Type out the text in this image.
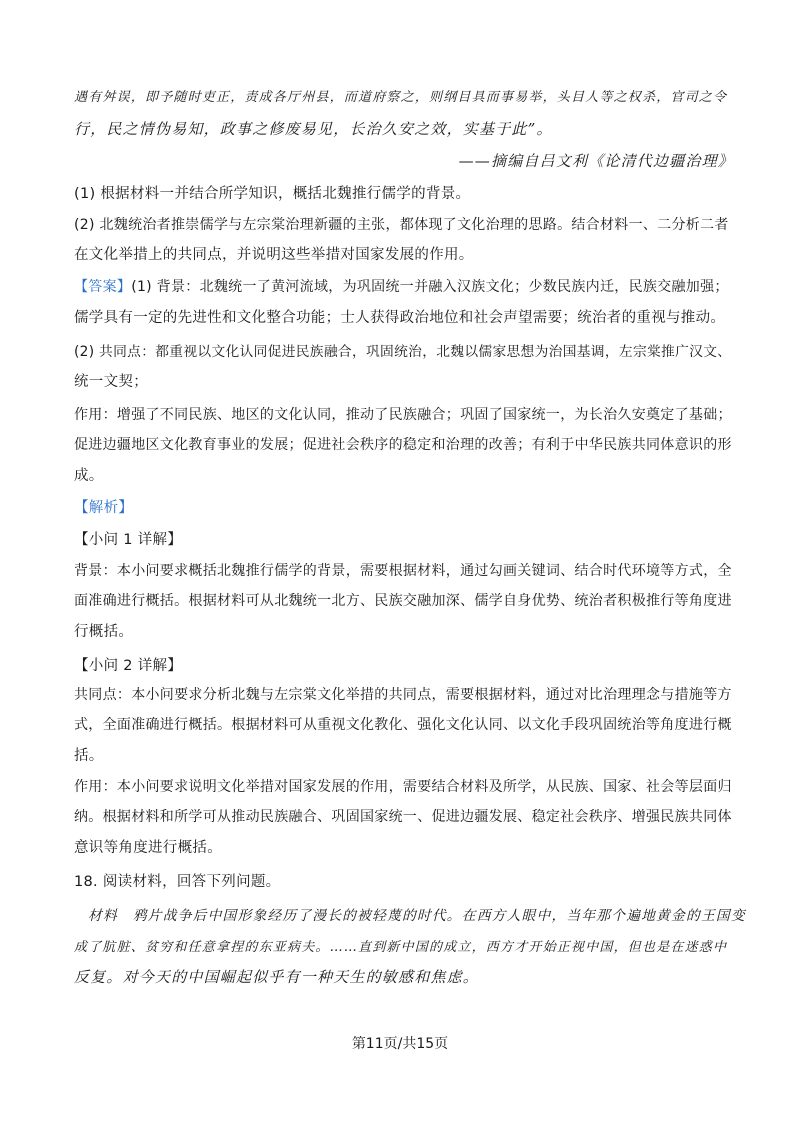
遇有舛误，即予随时吏正，责成各厅州县，而道府察之，则纲目具而事易举，头目人等之权杀，官司之令
行，民之情伪易知，政事之修废易见，长治久安之效，实基于此”。
——摘编自吕文利《论清代边疆治理》
(1) 根据材料一并结合所学知识，概括北魏推行儒学的背景。
(2) 北魏统治者推崇儒学与左宗棠治理新疆的主张，都体现了文化治理的思路。结合材料一、二分析二者
在文化举措上的共同点，并说明这些举措对国家发展的作用。
【答案】(1) 背景：北魏统一了黄河流域，为巩固统一并融入汉族文化；少数民族内迁，民族交融加强；
儒学具有一定的先进性和文化整合功能；士人获得政治地位和社会声望需要；统治者的重视与推动。
(2) 共同点：都重视以文化认同促进民族融合，巩固统治，北魏以儒家思想为治国基调，左宗棠推广汉文、
统一文契；
作用：增强了不同民族、地区的文化认同，推动了民族融合；巩固了国家统一，为长治久安奠定了基础；
促进边疆地区文化教育事业的发展；促进社会秩序的稳定和治理的改善；有利于中华民族共同体意识的形
成。
【解析】
【小问 1 详解】
背景：本小问要求概括北魏推行儒学的背景，需要根据材料，通过勾画关键词、结合时代环境等方式，全
面准确进行概括。根据材料可从北魏统一北方、民族交融加深、儒学自身优势、统治者积极推行等角度进
行概括。
【小问 2 详解】
共同点：本小问要求分析北魏与左宗棠文化举措的共同点，需要根据材料，通过对比治理理念与措施等方
式，全面准确进行概括。根据材料可从重视文化教化、强化文化认同、以文化手段巩固统治等角度进行概
括。
作用：本小问要求说明文化举措对国家发展的作用，需要结合材料及所学，从民族、国家、社会等层面归
纳。根据材料和所学可从推动民族融合、巩固国家统一、促进边疆发展、稳定社会秩序、增强民族共同体
意识等角度进行概括。
18. 阅读材料，回答下列问题。
材料　鸦片战争后中国形象经历了漫长的被轻蔑的时代。在西方人眼中，当年那个遍地黄金的王国变
成了肮脏、贫穷和任意拿捏的东亚病夫。……直到新中国的成立，西方才开始正视中国，但也是在迷惑中
反复。对今天的中国崛起似乎有一种天生的敏感和焦虑。
第11页/共15页
